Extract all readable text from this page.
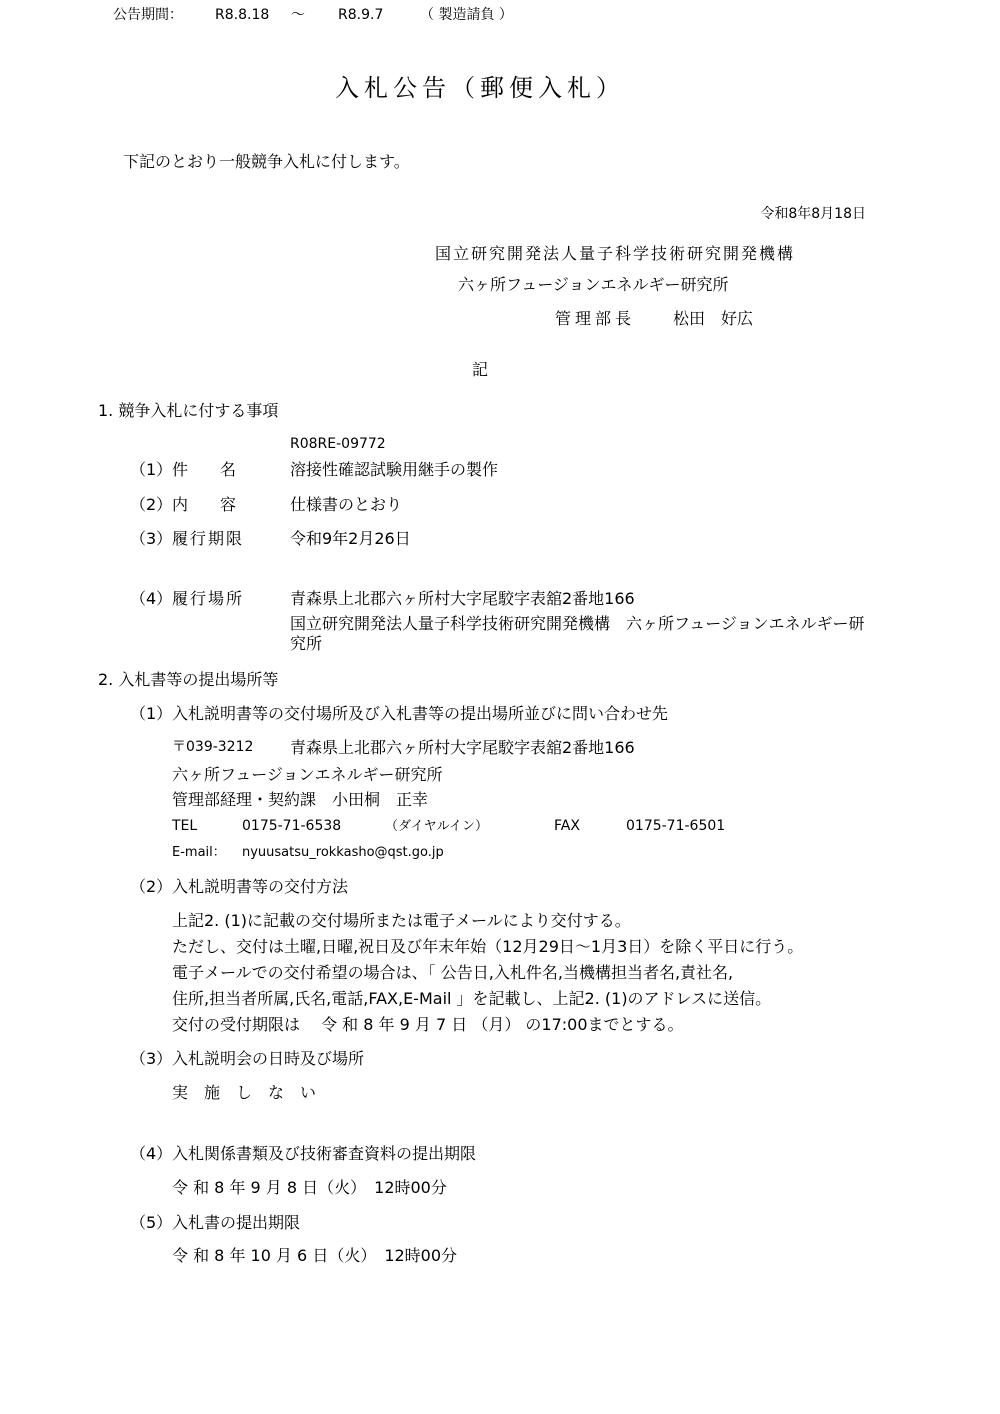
公告期間： R8.8.18 ～ R8.9.7	（ 製造請負 ）
入札公告（郵便入札）
下記のとおり一般競争入札に付します。
令和8年8月18日
国立研究開発法人量子科学技術研究開発機構
六ヶ所フュージョンエネルギー研究所
管理部長 松田　好広
記
1. 競争入札に付する事項
R08RE-09772
（1） 件　　名	溶接性確認試験用継手の製作
（2） 内　　容	仕様書のとおり
（3） 履行期限	令和9年2月26日
（4） 履行場所	青森県上北郡六ヶ所村大字尾駮字表舘2番地166
国立研究開発法人量子科学技術研究開発機構　六ヶ所フュージョンエネルギー研究所
2. 入札書等の提出場所等
（1） 入札説明書等の交付場所及び入札書等の提出場所並びに問い合わせ先
〒039-3212 青森県上北郡六ヶ所村大字尾駮字表舘2番地166
六ヶ所フュージョンエネルギー研究所
管理部経理・契約課　小田桐　正幸
TEL	0175-71-6538	（ダイヤルイン）	FAX	0175-71-6501
E-mail： nyuusatsu_rokkasho@qst.go.jp
（2） 入札説明書等の交付方法
上記2. (1)に記載の交付場所または電子メールにより交付する。
ただし、交付は土曜,日曜,祝日及び年末年始（12月29日～1月3日）を除く平日に行う。
電子メールでの交付希望の場合は、「 公告日,入札件名,当機構担当者名,責社名,
住所,担当者所属,氏名,電話,FAX,E-Mail 」を記載し、上記2. (1)のアドレスに送信。
交付の受付期限は　 令 和 8 年 9 月 7 日 （月） の17:00までとする。
（3） 入札説明会の日時及び場所
実　施　し　な　い
（4） 入札関係書類及び技術審査資料の提出期限
令 和 8 年 9 月 8 日（火）　12時00分
（5） 入札書の提出期限
令 和 8 年 10 月 6 日（火）　12時00分
